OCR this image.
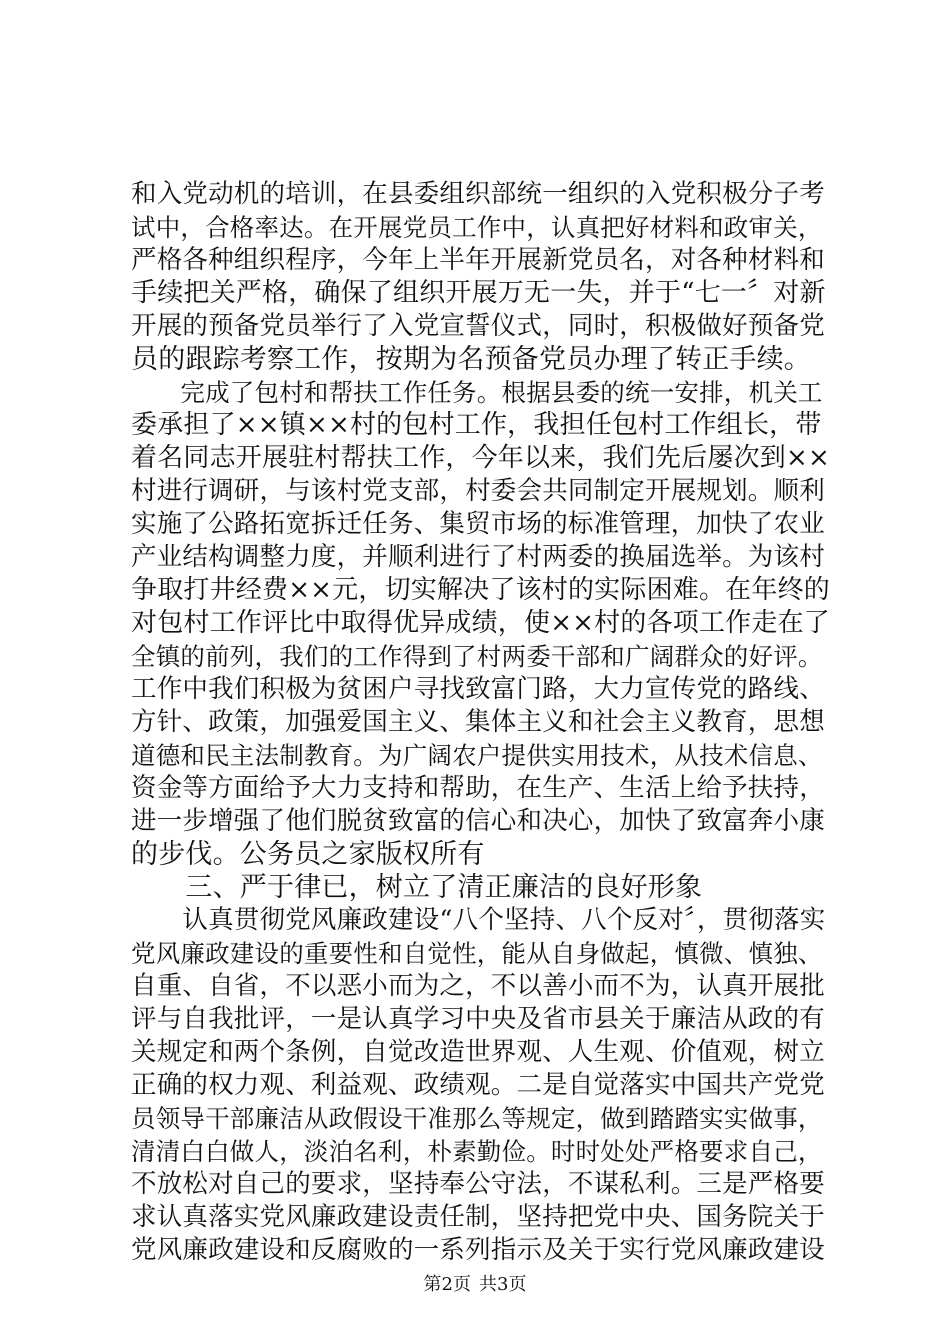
和入党动机的培训，在县委组织部统一组织的入党积极分子考
试中，合格率达。在开展党员工作中，认真把好材料和政审关，
严格各种组织程序，今年上半年开展新党员名，对各种材料和
手续把关严格，确保了组织开展万无一失，并于“七一〞对新
开展的预备党员举行了入党宣誓仪式，同时，积极做好预备党
员的跟踪考察工作，按期为名预备党员办理了转正手续。
　　完成了包村和帮扶工作任务。根据县委的统一安排，机关工
委承担了××镇××村的包村工作，我担任包村工作组长，带
着名同志开展驻村帮扶工作，今年以来，我们先后屡次到××
村进行调研，与该村党支部，村委会共同制定开展规划。顺利
实施了公路拓宽拆迁任务、集贸市场的标准管理，加快了农业
产业结构调整力度，并顺利进行了村两委的换届选举。为该村
争取打井经费××元，切实解决了该村的实际困难。在年终的
对包村工作评比中取得优异成绩，使××村的各项工作走在了
全镇的前列，我们的工作得到了村两委干部和广阔群众的好评。
工作中我们积极为贫困户寻找致富门路，大力宣传党的路线、
方针、政策，加强爱国主义、集体主义和社会主义教育，思想
道德和民主法制教育。为广阔农户提供实用技术，从技术信息、
资金等方面给予大力支持和帮助，在生产、生活上给予扶持，
进一步增强了他们脱贫致富的信心和决心，加快了致富奔小康
的步伐。公务员之家版权所有
　　三、严于律已，树立了清正廉洁的良好形象
　　认真贯彻党风廉政建设“八个坚持、八个反对〞，贯彻落实
党风廉政建设的重要性和自觉性，能从自身做起，慎微、慎独、
自重、自省，不以恶小而为之，不以善小而不为，认真开展批
评与自我批评，一是认真学习中央及省市县关于廉洁从政的有
关规定和两个条例，自觉改造世界观、人生观、价值观，树立
正确的权力观、利益观、政绩观。二是自觉落实中国共产党党
员领导干部廉洁从政假设干准那么等规定，做到踏踏实实做事，
清清白白做人，淡泊名利，朴素勤俭。时时处处严格要求自己，
不放松对自己的要求，坚持奉公守法，不谋私利。三是严格要
求认真落实党风廉政建设责任制，坚持把党中央、国务院关于
党风廉政建设和反腐败的一系列指示及关于实行党风廉政建设
第2页 共3页
